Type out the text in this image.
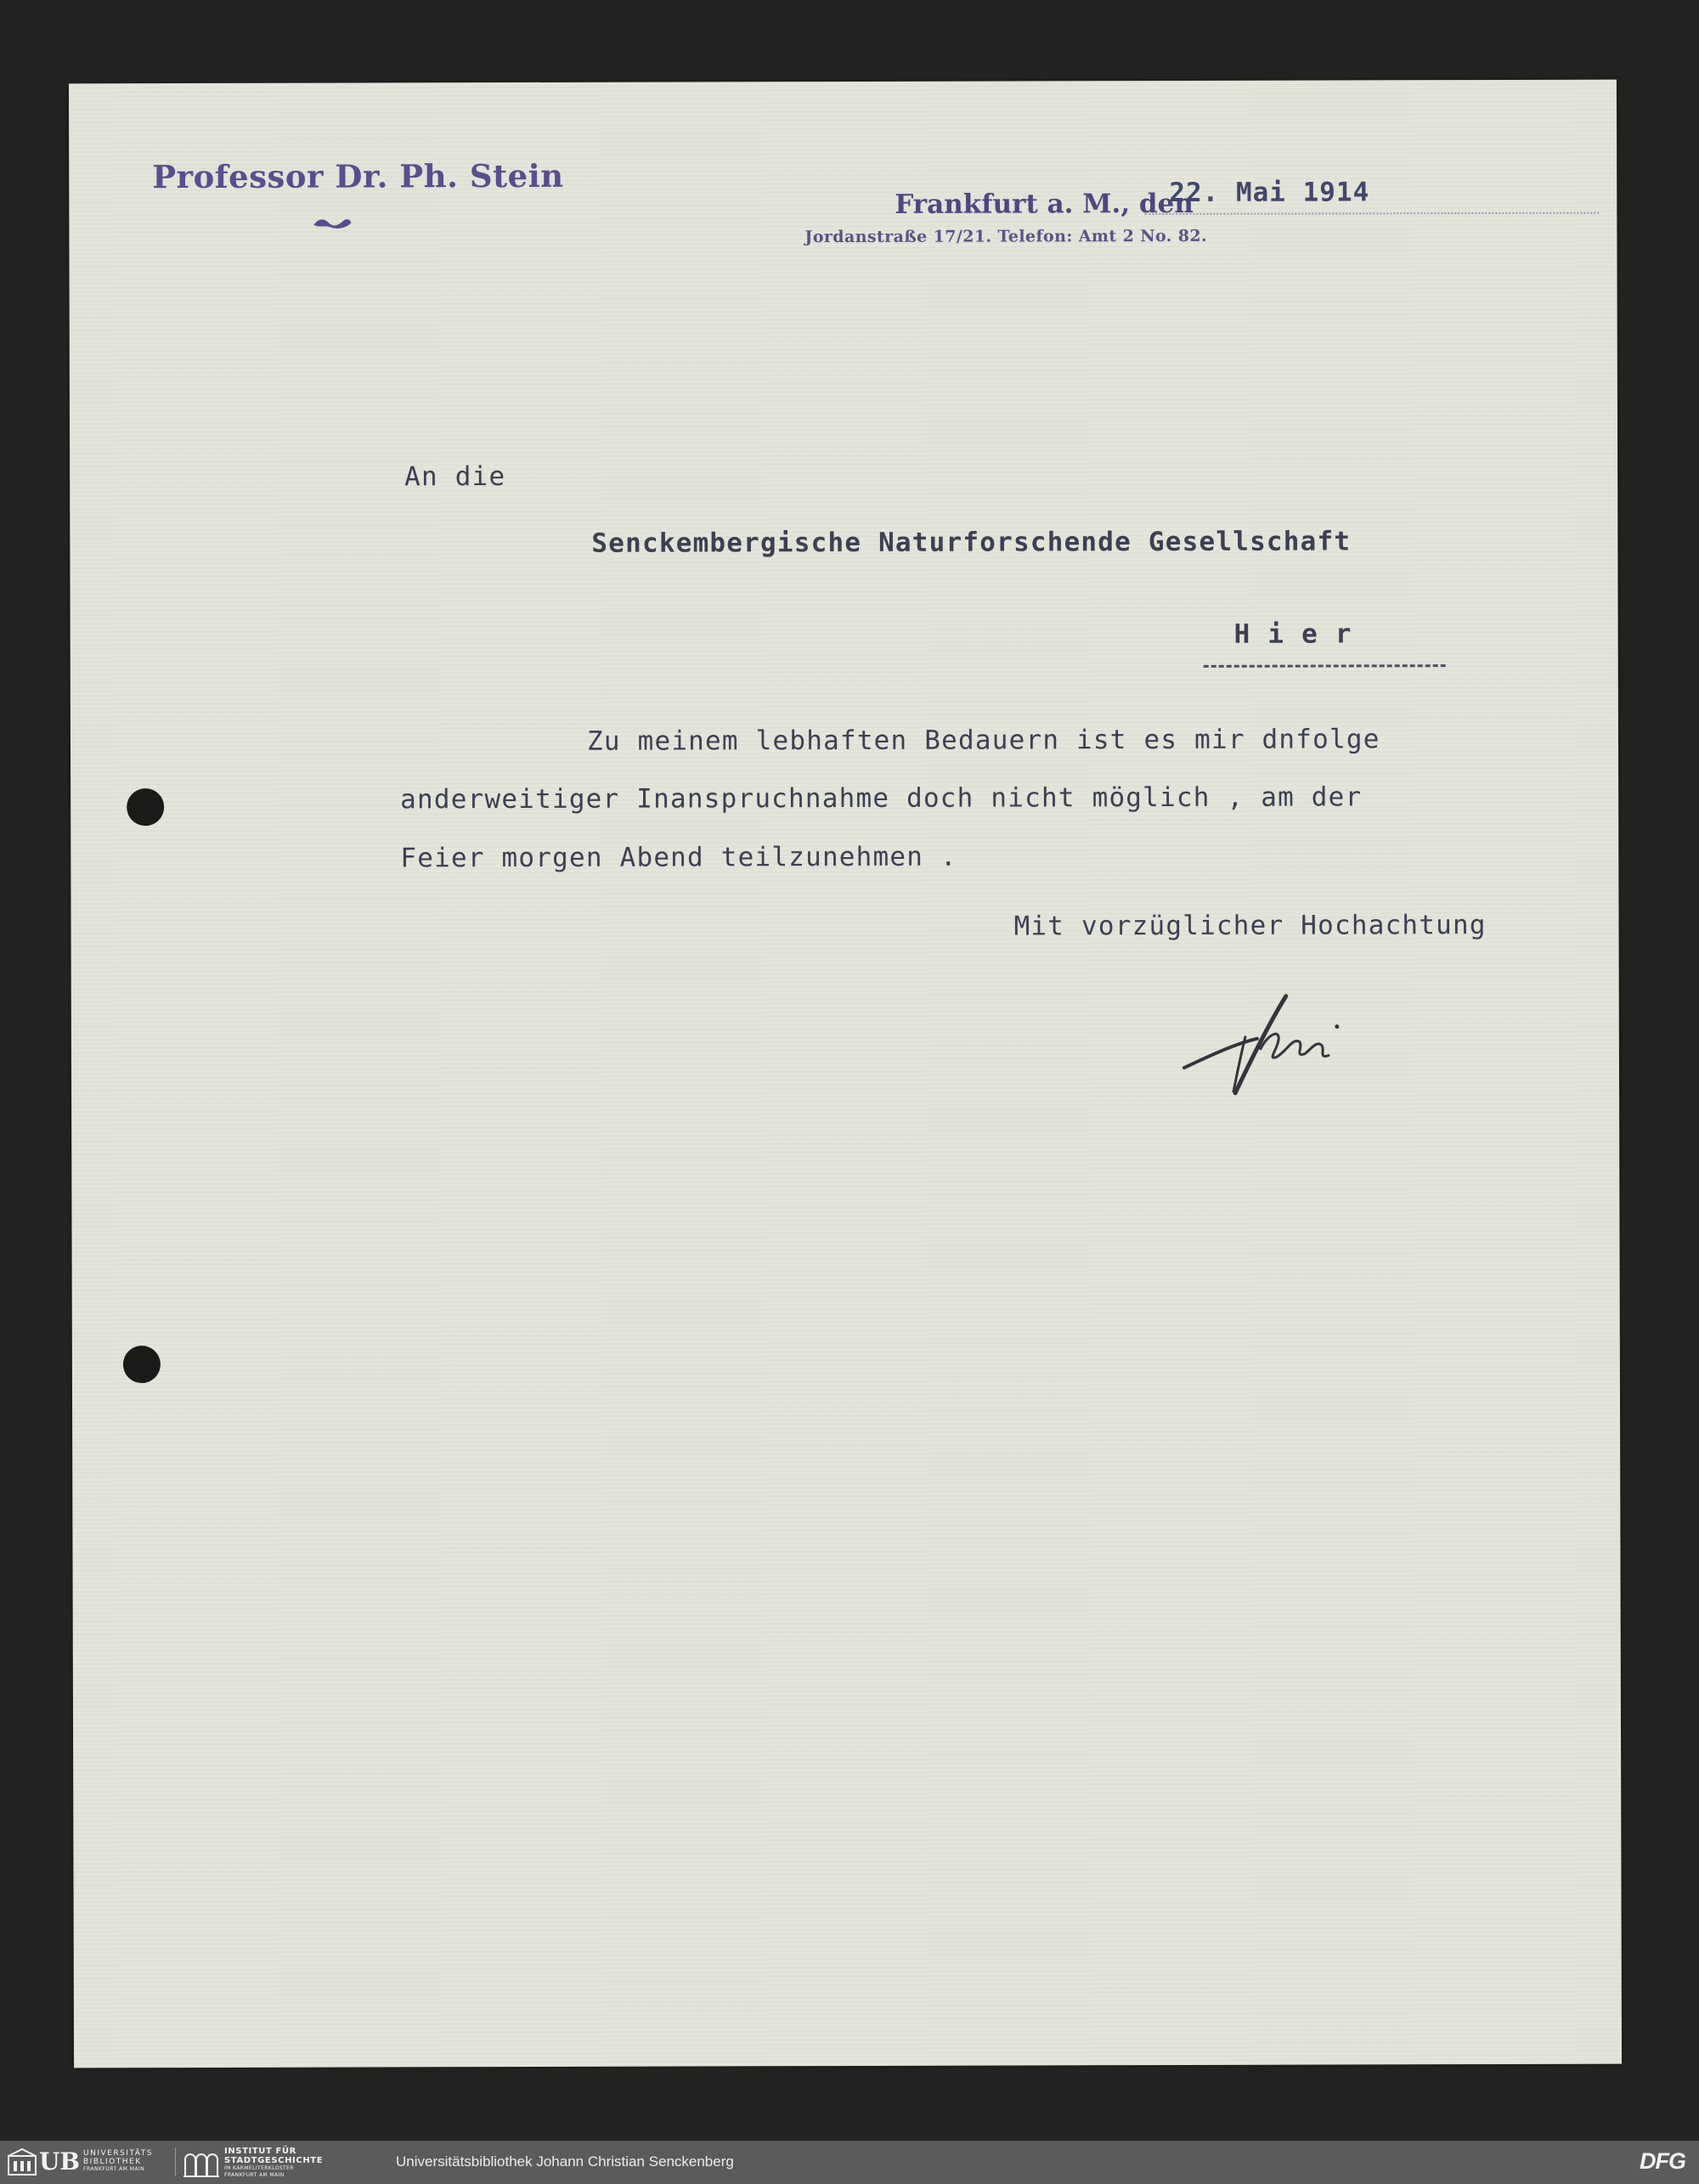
Professor Dr. Ph. Stein
Frankfurt a. M., den
22. Mai 1914
Jordanstraße 17/21. Telefon: Amt 2 No. 82.
An die
Senckembergische Naturforschende Gesellschaft
H i e r
Zu meinem lebhaften Bedauern ist es mir dnfolge
anderweitiger Inanspruchnahme doch nicht möglich , am der
Feier morgen Abend teilzunehmen .
Mit vorzüglicher Hochachtung
UB UNIVERSITÄTS
BIBLIOTHEK
FRANKFURT AM MAIN
INSTITUT FÜR
STADTGESCHICHTE
IM KARMELITERKLOSTER
FRANKFURT AM MAIN
Universitätsbibliothek Johann Christian Senckenberg	DFG
